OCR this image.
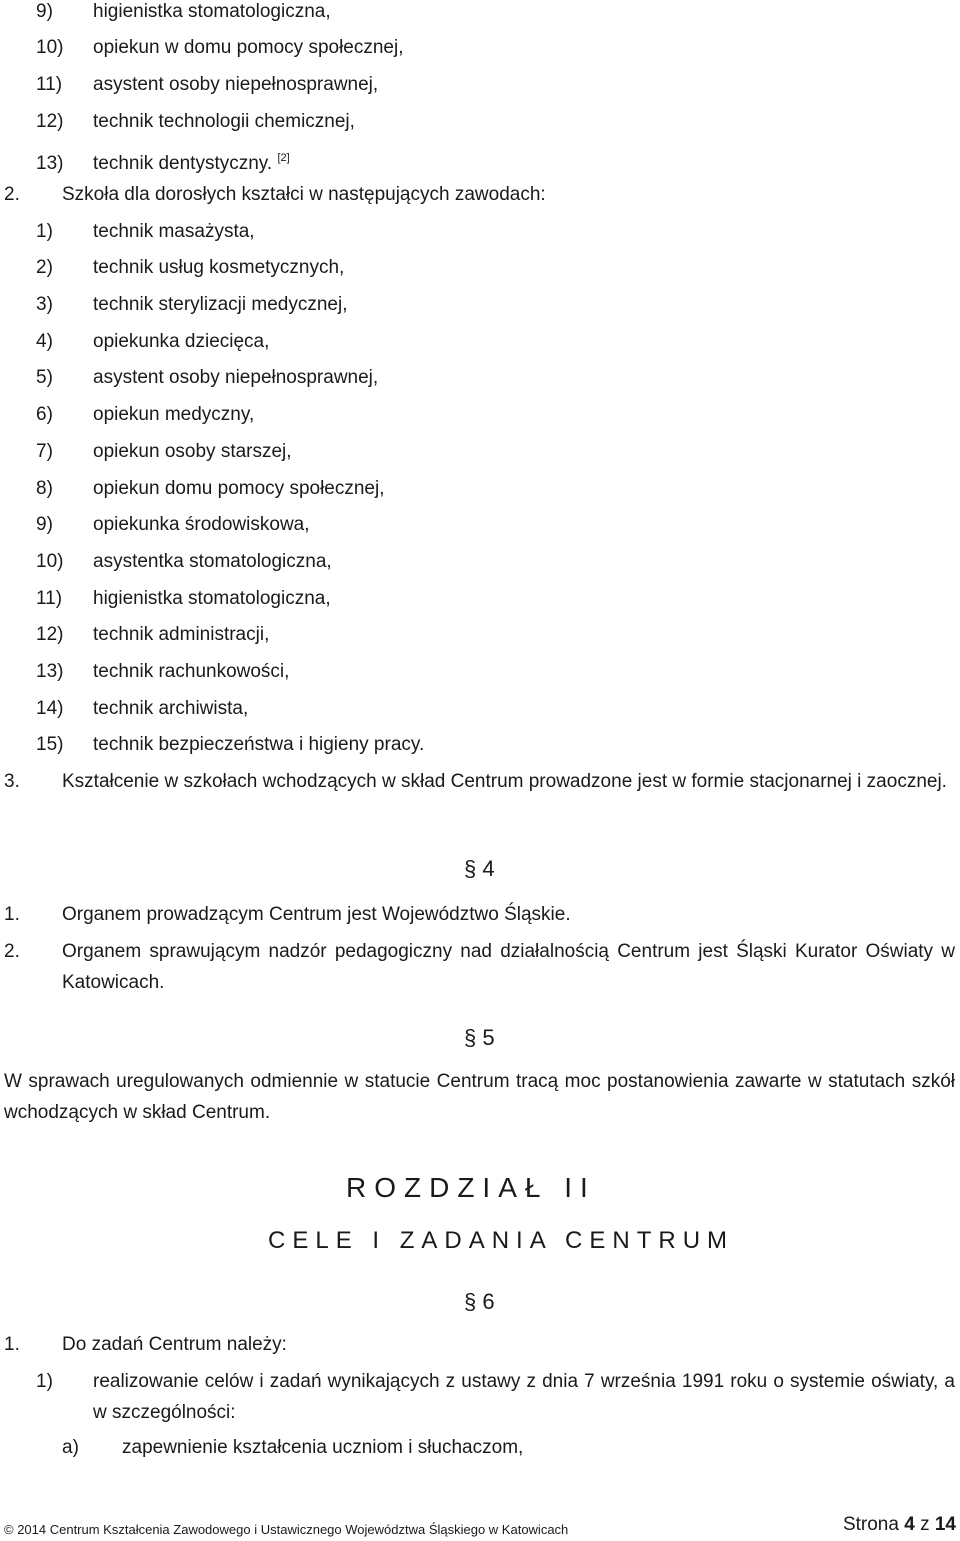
9) higienistka stomatologiczna,
10) opiekun w domu pomocy społecznej,
11) asystent osoby niepełnosprawnej,
12) technik technologii chemicznej,
13) technik dentystyczny. [2]
2. Szkoła dla dorosłych kształci w następujących zawodach:
1) technik masażysta,
2) technik usług kosmetycznych,
3) technik sterylizacji medycznej,
4) opiekunka dziecięca,
5) asystent osoby niepełnosprawnej,
6) opiekun medyczny,
7) opiekun osoby starszej,
8) opiekun domu pomocy społecznej,
9) opiekunka środowiskowa,
10) asystentka stomatologiczna,
11) higienistka stomatologiczna,
12) technik administracji,
13) technik rachunkowości,
14) technik archiwista,
15) technik bezpieczeństwa i higieny pracy.
3.	Kształcenie w szkołach wchodzących w skład Centrum prowadzone jest w formie stacjonarnej i zaocznej.
§ 4
1. Organem prowadzącym Centrum jest Województwo Śląskie.
2.	Organem sprawującym nadzór pedagogiczny nad działalnością Centrum jest Śląski Kurator Oświaty w Katowicach.
§ 5
W sprawach uregulowanych odmiennie w statucie Centrum tracą moc postanowienia zawarte w statutach szkół wchodzących w skład Centrum.
ROZDZIAŁ II
CELE I ZADANIA CENTRUM
§ 6
1. Do zadań Centrum należy:
1)	realizowanie celów i zadań wynikających z ustawy z dnia 7 września 1991 roku o systemie oświaty, a w szczególności:
a) zapewnienie kształcenia uczniom i słuchaczom,
© 2014 Centrum Kształcenia Zawodowego i Ustawicznego Województwa Śląskiego w Katowicach	Strona 4 z 14
